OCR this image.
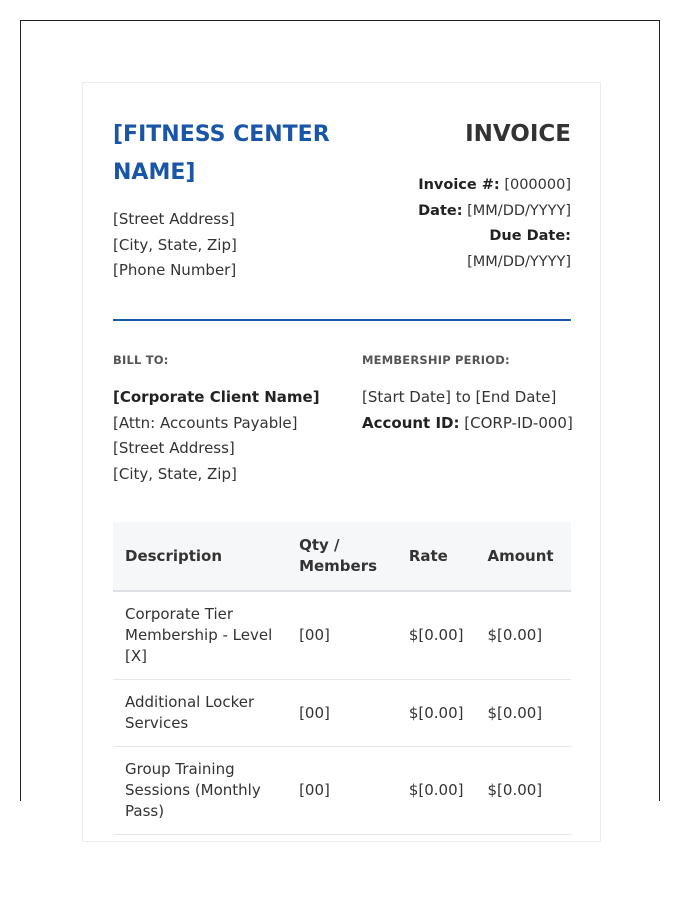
[FITNESS CENTER NAME]
[Street Address]
[City, State, Zip]
[Phone Number]
INVOICE
Invoice #: [000000]
Date: [MM/DD/YYYY]
Due Date:
[MM/DD/YYYY]
BILL TO:
[Corporate Client Name]
[Attn: Accounts Payable]
[Street Address]
[City, State, Zip]
MEMBERSHIP PERIOD:
[Start Date] to [End Date]
Account ID: [CORP-ID-000]
Description	Qty / Members	Rate	Amount
Corporate Tier Membership - Level [X]	[00]	$[0.00]	$[0.00]
Additional Locker Services	[00]	$[0.00]	$[0.00]
Group Training Sessions (Monthly Pass)	[00]	$[0.00]	$[0.00]
